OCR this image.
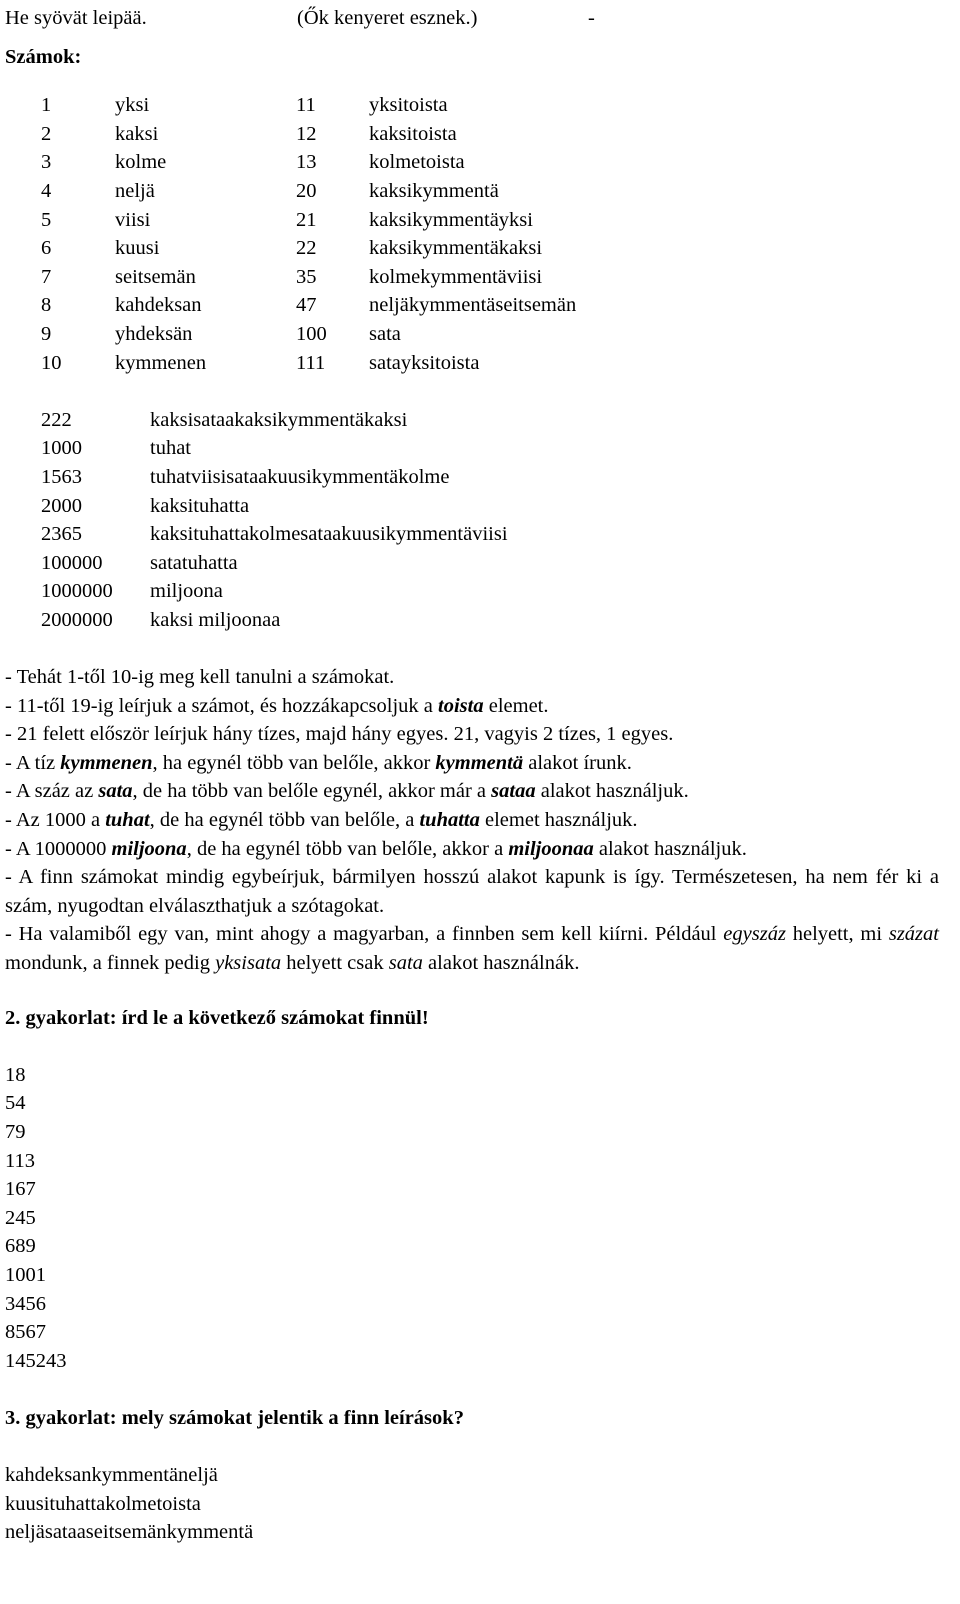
He syövät leipää.	(Ők kenyeret esznek.)	-
Számok:
1	yksi	11	yksitoista
2	kaksi	12	kaksitoista
3	kolme	13	kolmetoista
4	neljä	20	kaksikymmentä
5	viisi	21	kaksikymmentäyksi
6	kuusi	22	kaksikymmentäkaksi
7	seitsemän	35	kolmekymmentäviisi
8	kahdeksan	47	neljäkymmentäseitsemän
9	yhdeksän	100 sata
10	kymmenen	111 satayksitoista
222	kaksisataakaksikymmentäkaksi
1000	tuhat
1563	tuhatviisisataakuusikymmentäkolme
2000	kaksituhatta
2365	kaksituhattakolmesataakuusikymmentäviisi
100000 satatuhatta
1000000 miljoona
2000000 kaksi miljoonaa
- Tehát 1-től 10-ig meg kell tanulni a számokat.
- 11-től 19-ig leírjuk a számot, és hozzákapcsoljuk a toista elemet.
- 21 felett először leírjuk hány tízes, majd hány egyes. 21, vagyis 2 tízes, 1 egyes.
- A tíz kymmenen, ha egynél több van belőle, akkor kymmentä alakot írunk.
- A száz az sata, de ha több van belőle egynél, akkor már a sataa alakot használjuk.
- Az 1000 a tuhat, de ha egynél több van belőle, a tuhatta elemet használjuk.
- A 1000000 miljoona, de ha egynél több van belőle, akkor a miljoonaa alakot használjuk.
- A finn számokat mindig egybeírjuk, bármilyen hosszú alakot kapunk is így. Természetesen, ha nem fér ki a szám, nyugodtan elválaszthatjuk a szótagokat.
- Ha valamiből egy van, mint ahogy a magyarban, a finnben sem kell kiírni. Például egyszáz helyett, mi százat mondunk, a finnek pedig yksisata helyett csak sata alakot használnák.
2. gyakorlat: írd le a következő számokat finnül!
18
54
79
113
167
245
689
1001
3456
8567
145243
3. gyakorlat: mely számokat jelentik a finn leírások?
kahdeksankymmentäneljä
kuusituhattakolmetoista
neljäsataaseitsemänkymmentä
